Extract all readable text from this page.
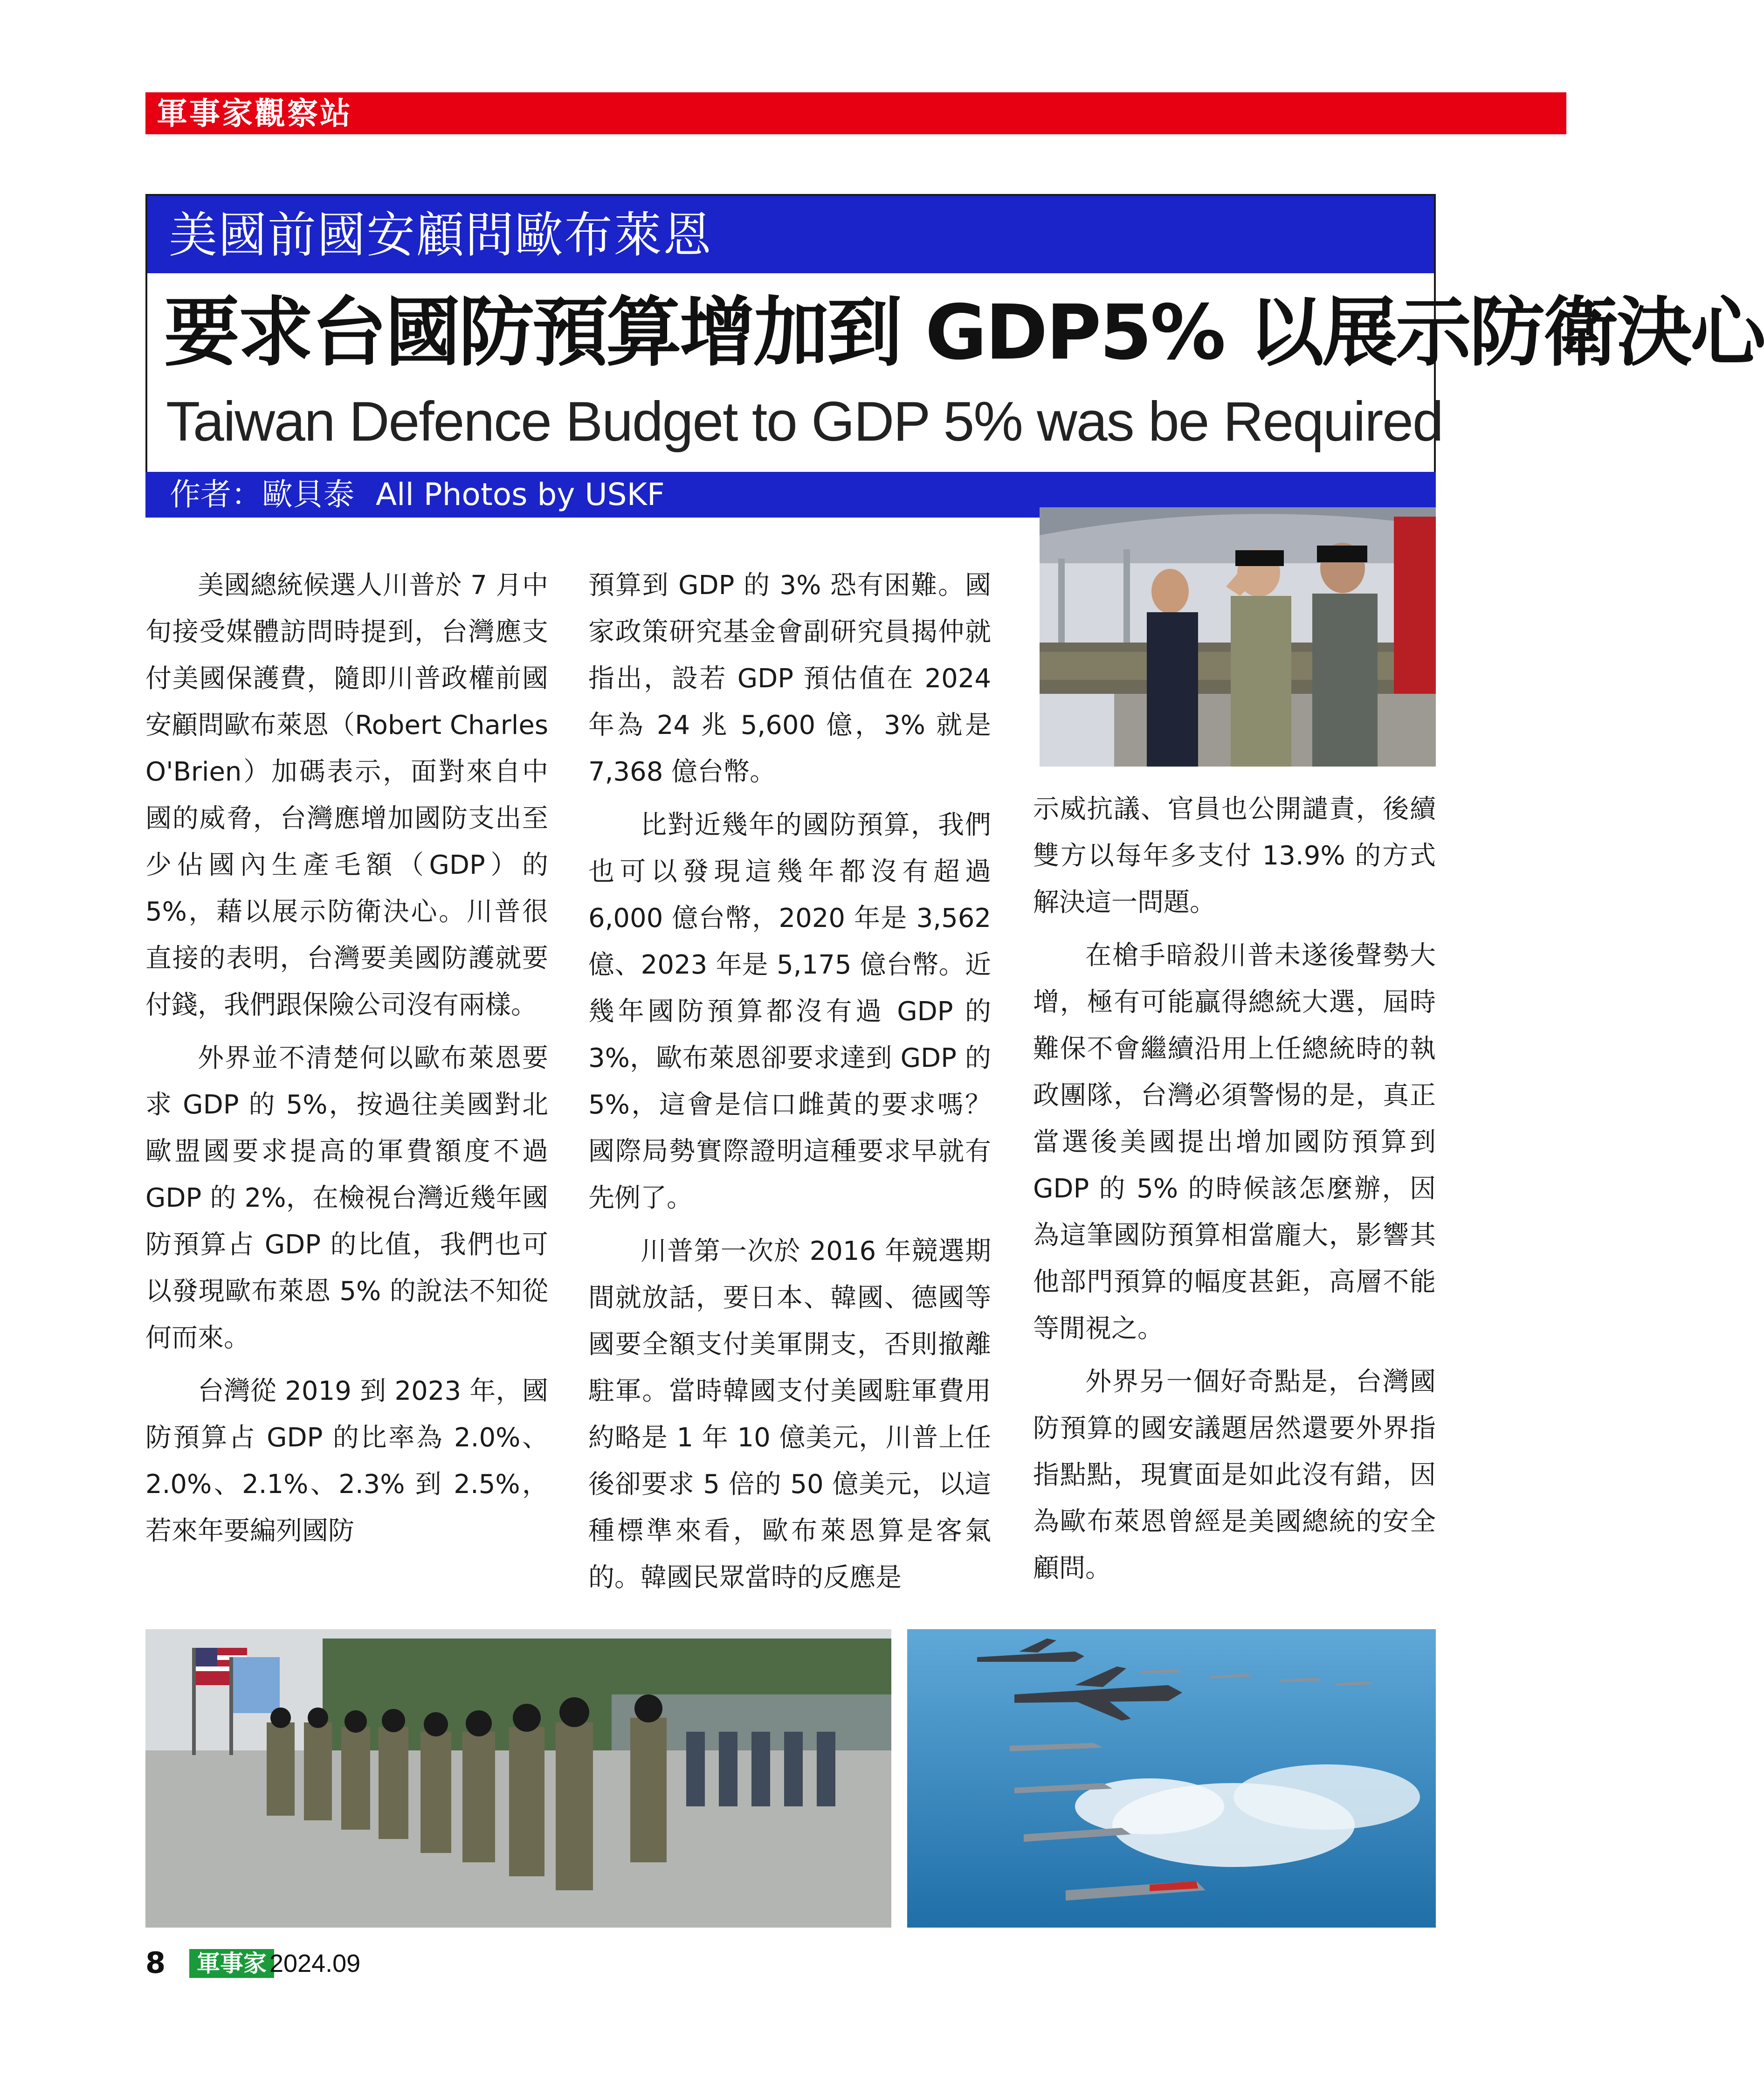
軍事家觀察站
美國前國安顧問歐布萊恩
要求台國防預算增加到 GDP5% 以展示防衛決心
Taiwan Defence Budget to GDP 5% was be Required
作者：歐貝泰 All Photos by USKF

美國總統候選人川普於 7 月中旬接受媒體訪問時提到，台灣應支付美國保護費，隨即川普政權前國安顧問歐布萊恩（Robert Charles O'Brien）加碼表示，面對來自中國的威脅，台灣應增加國防支出至少佔國內生產毛額（GDP）的 5%，藉以展示防衛決心。川普很直接的表明，台灣要美國防護就要付錢，我們跟保險公司沒有兩樣。

外界並不清楚何以歐布萊恩要求 GDP 的 5%，按過往美國對北歐盟國要求提高的軍費額度不過 GDP 的 2%，在檢視台灣近幾年國防預算占 GDP 的比值，我們也可以發現歐布萊恩 5% 的說法不知從何而來。

台灣從 2019 到 2023 年，國防預算占 GDP 的比率為 2.0%、2.0%、2.1%、2.3% 到 2.5%，若來年要編列國防

預算到 GDP 的 3% 恐有困難。國家政策研究基金會副研究員揭仲就指出，設若 GDP 預估值在 2024 年為 24 兆 5,600 億，3% 就是 7,368 億台幣。

比對近幾年的國防預算，我們也可以發現這幾年都沒有超過 6,000 億台幣，2020 年是 3,562 億、2023 年是 5,175 億台幣。近幾年國防預算都沒有過 GDP 的 3%，歐布萊恩卻要求達到 GDP 的 5%，這會是信口雌黃的要求嗎？國際局勢實際證明這種要求早就有先例了。

川普第一次於 2016 年競選期間就放話，要日本、韓國、德國等國要全額支付美軍開支，否則撤離駐軍。當時韓國支付美國駐軍費用約略是 1 年 10 億美元，川普上任後卻要求 5 倍的 50 億美元，以這種標準來看，歐布萊恩算是客氣的。韓國民眾當時的反應是

示威抗議、官員也公開譴責，後續雙方以每年多支付 13.9% 的方式解決這一問題。

在槍手暗殺川普未遂後聲勢大增，極有可能贏得總統大選，屆時難保不會繼續沿用上任總統時的執政團隊，台灣必須警惕的是，真正當選後美國提出增加國防預算到 GDP 的 5% 的時候該怎麼辦，因為這筆國防預算相當龐大，影響其他部門預算的幅度甚鉅，高層不能等閒視之。

外界另一個好奇點是，台灣國防預算的國安議題居然還要外界指指點點，現實面是如此沒有錯，因為歐布萊恩曾經是美國總統的安全顧問。

8	軍事家 2024.09
